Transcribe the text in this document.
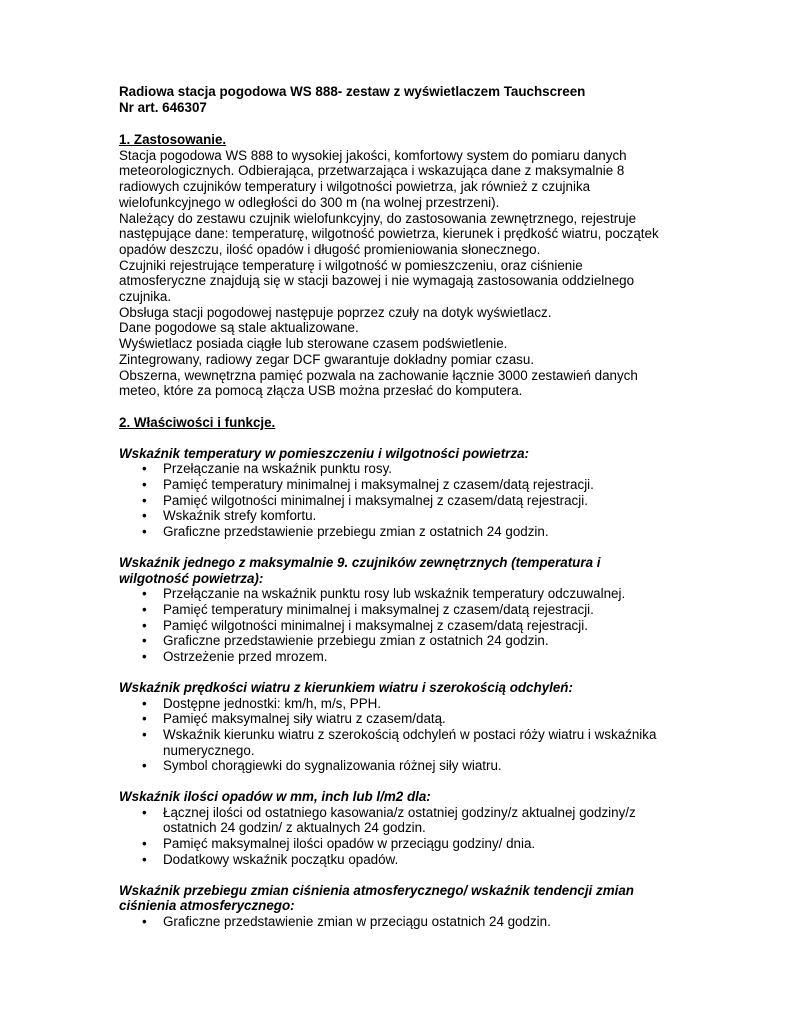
Radiowa stacja pogodowa WS 888- zestaw z wyświetlaczem Tauchscreen
Nr art. 646307
1. Zastosowanie.
Stacja pogodowa WS 888 to wysokiej jakości, komfortowy system do pomiaru danych
meteorologicznych. Odbierająca, przetwarzająca i wskazująca dane z maksymalnie 8
radiowych czujników temperatury i wilgotności powietrza, jak również z czujnika
wielofunkcyjnego w odległości do 300 m (na wolnej przestrzeni).
Należący do zestawu czujnik wielofunkcyjny, do zastosowania zewnętrznego, rejestruje
następujące dane: temperaturę, wilgotność powietrza, kierunek i prędkość wiatru, początek
opadów deszczu, ilość opadów i długość promieniowania słonecznego.
Czujniki rejestrujące temperaturę i wilgotność w pomieszczeniu, oraz ciśnienie
atmosferyczne znajdują się w stacji bazowej i nie wymagają zastosowania oddzielnego
czujnika.
Obsługa stacji pogodowej następuje poprzez czuły na dotyk wyświetlacz.
Dane pogodowe są stale aktualizowane.
Wyświetlacz posiada ciągłe lub sterowane czasem podświetlenie.
Zintegrowany, radiowy zegar DCF gwarantuje dokładny pomiar czasu.
Obszerna, wewnętrzna pamięć pozwala na zachowanie łącznie 3000 zestawień danych
meteo, które za pomocą złącza USB można przesłać do komputera.
2. Właściwości i funkcje.
Wskaźnik temperatury w pomieszczeniu i wilgotności powietrza:
• Przełączanie na wskaźnik punktu rosy.
• Pamięć temperatury minimalnej i maksymalnej z czasem/datą rejestracji.
• Pamięć wilgotności minimalnej i maksymalnej z czasem/datą rejestracji.
• Wskaźnik strefy komfortu.
• Graficzne przedstawienie przebiegu zmian z ostatnich 24 godzin.
Wskaźnik jednego z maksymalnie 9. czujników zewnętrznych (temperatura i
wilgotność powietrza):
• Przełączanie na wskaźnik punktu rosy lub wskaźnik temperatury odczuwalnej.
• Pamięć temperatury minimalnej i maksymalnej z czasem/datą rejestracji.
• Pamięć wilgotności minimalnej i maksymalnej z czasem/datą rejestracji.
• Graficzne przedstawienie przebiegu zmian z ostatnich 24 godzin.
• Ostrzeżenie przed mrozem.
Wskaźnik prędkości wiatru z kierunkiem wiatru i szerokością odchyleń:
• Dostępne jednostki: km/h, m/s, PPH.
• Pamięć maksymalnej siły wiatru z czasem/datą.
• Wskaźnik kierunku wiatru z szerokością odchyleń w postaci róży wiatru i wskaźnika
numerycznego.
• Symbol chorągiewki do sygnalizowania różnej siły wiatru.
Wskaźnik ilości opadów w mm, inch lub l/m2 dla:
• Łącznej ilości od ostatniego kasowania/z ostatniej godziny/z aktualnej godziny/z
ostatnich 24 godzin/ z aktualnych 24 godzin.
• Pamięć maksymalnej ilości opadów w przeciągu godziny/ dnia.
• Dodatkowy wskaźnik początku opadów.
Wskaźnik przebiegu zmian ciśnienia atmosferycznego/ wskaźnik tendencji zmian
ciśnienia atmosferycznego:
• Graficzne przedstawienie zmian w przeciągu ostatnich 24 godzin.
